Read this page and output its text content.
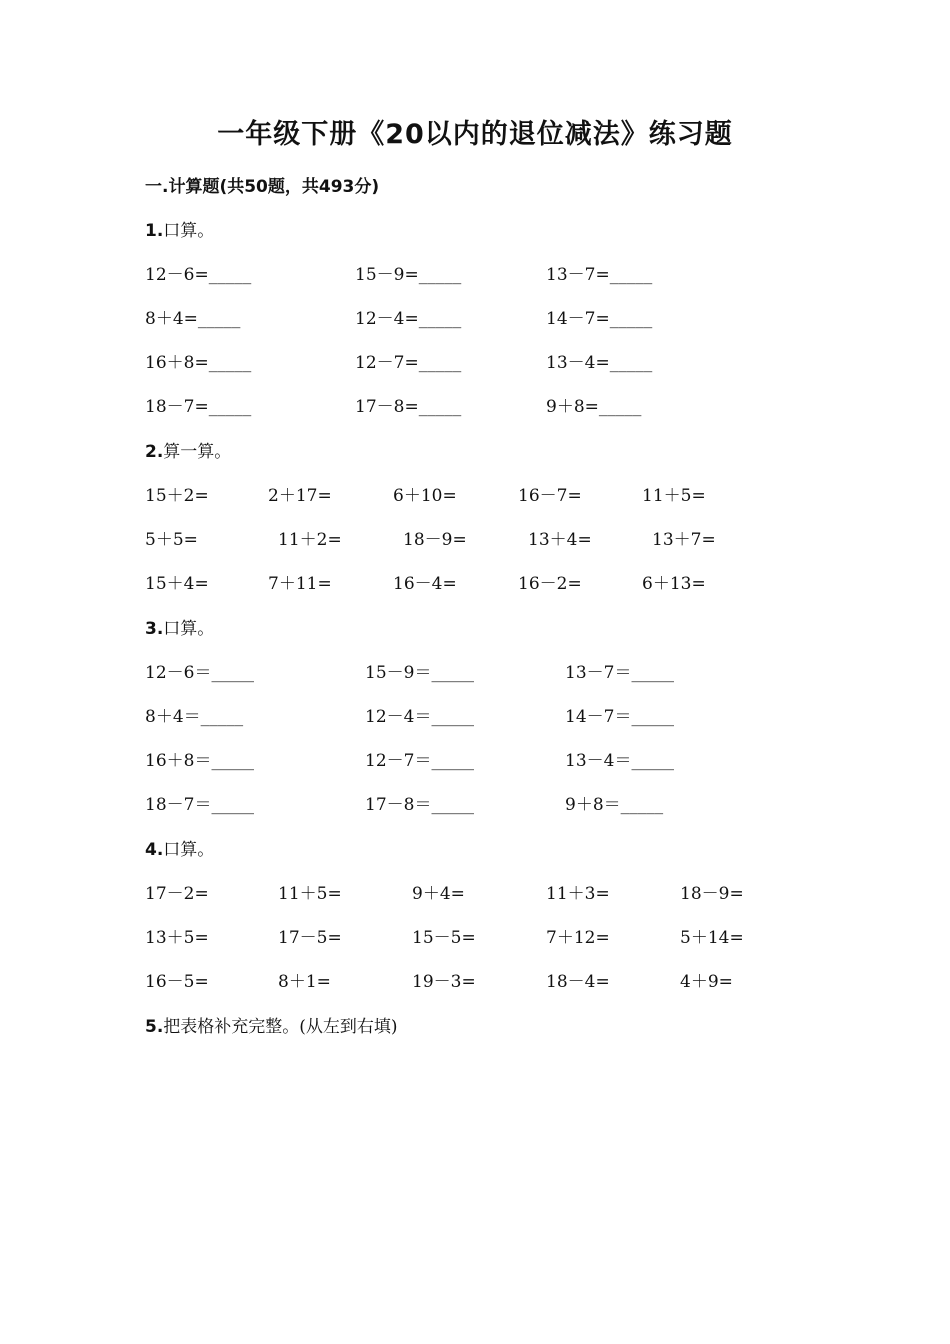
一年级下册《20以内的退位减法》练习题
一.计算题(共50题，共493分)
1.口算。
12－6=_____	15－9=_____	13－7=_____
8＋4=_____	12－4=_____	14－7=_____
16＋8=_____	12－7=_____	13－4=_____
18－7=_____	17－8=_____	9＋8=_____
2.算一算。
15＋2=	2＋17=	6＋10=	16－7=	11＋5=
5＋5=	11＋2=	18－9=	13＋4=	13＋7=
15＋4=	7＋11=	16－4=	16－2=	6＋13=
3.口算。
12－6＝_____	15－9＝_____	13－7＝_____
8＋4＝_____	12－4＝_____	14－7＝_____
16＋8＝_____	12－7＝_____	13－4＝_____
18－7＝_____	17－8＝_____	9＋8＝_____
4.口算。
17－2=	11＋5=	9＋4=	11＋3=	18－9=
13＋5=	17－5=	15－5=	7＋12=	5＋14=
16－5=	8＋1=	19－3=	18－4=	4＋9=
5.把表格补充完整。(从左到右填)
